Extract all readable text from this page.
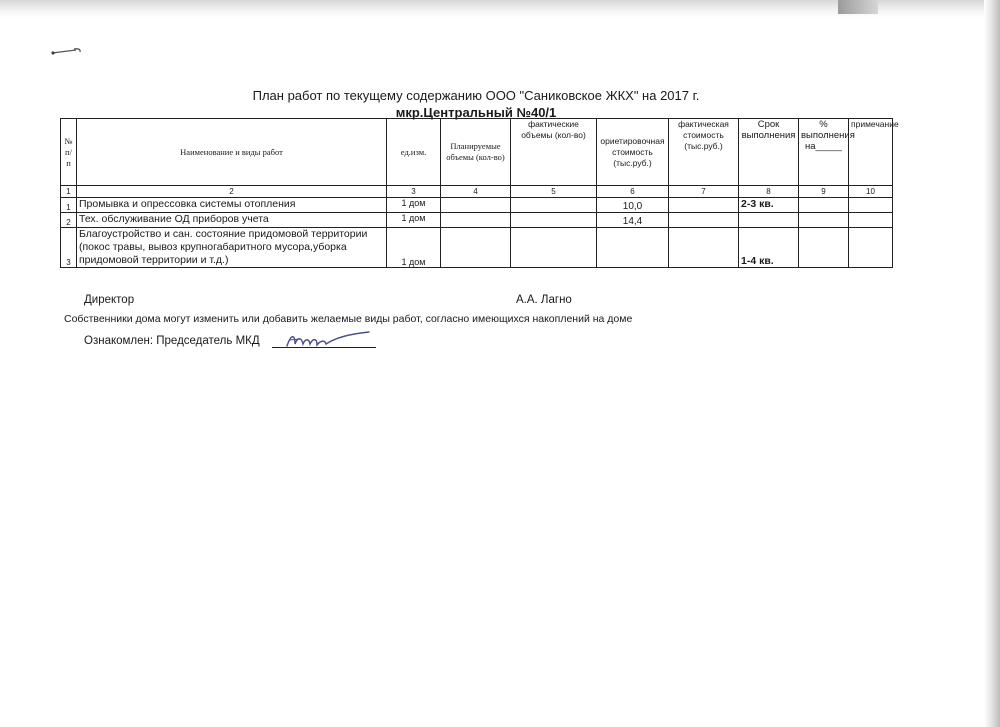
План работ по текущему содержанию ООО "Саниковское ЖКХ" на 2017 г.
мкр.Центральный №40/1
№ п/п	Наименование и виды работ	ед.изм.	Планируемые объемы (кол-во)	фактические объемы (кол-во)	ориетировочная стоимость (тыс.руб.)	фактическая стоимость (тыс.руб.)	Срок выполнения	% выполнения на_____	примечание
1	2	3	4	5	6	7	8	9	10
1	Промывка и опрессовка системы отопления	1 дом			10,0		2-3 кв.		
2	Тех. обслуживание ОД приборов учета	1 дом			14,4				
3	Благоустройство и сан. состояние придомовой территории (покос травы, вывоз крупногабаритного мусора,уборка придомовой территории и т.д.)	1 дом					1-4 кв.		
Директор	А.А. Лагно
Собственники дома могут изменить или добавить желаемые виды работ, согласно имеющихся накоплений на доме
Ознакомлен: Председатель МКД
